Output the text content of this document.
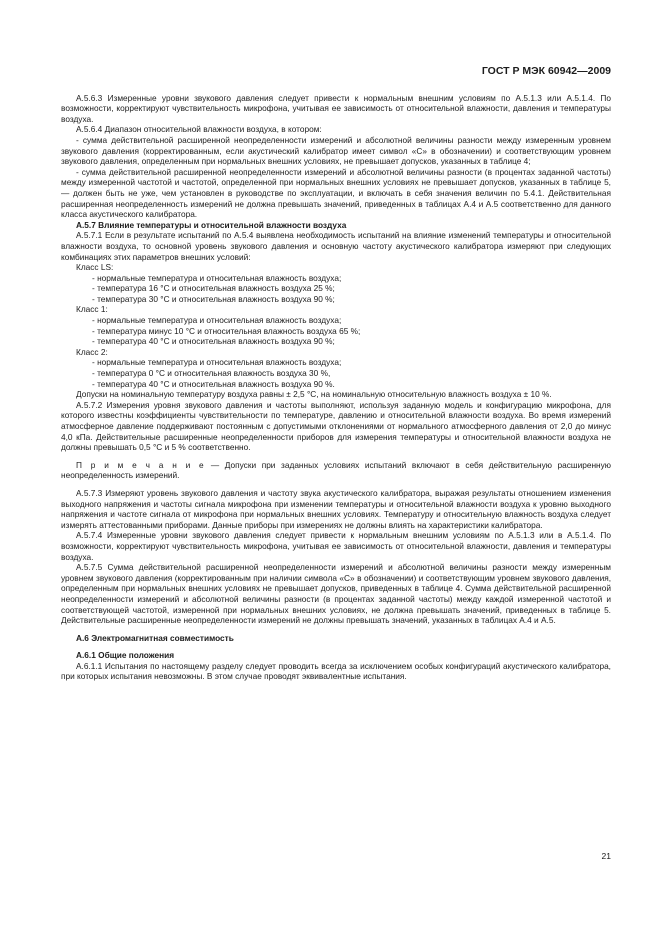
ГОСТ Р МЭК 60942—2009

А.5.6.3 Измеренные уровни звукового давления следует привести к нормальным внешним условиям по А.5.1.3 или А.5.1.4. По возможности, корректируют чувствительность микрофона, учитывая ее зависимость от относительной влажности, давления и температуры воздуха.

А.5.6.4 Диапазон относительной влажности воздуха, в котором:

- сумма действительной расширенной неопределенности измерений и абсолютной величины разности между измеренным уровнем звукового давления (корректированным, если акустический калибратор имеет символ «C» в обозначении) и соответствующим уровнем звукового давления, определенным при нормальных внешних условиях, не превышает допусков, указанных в таблице 4;

- сумма действительной расширенной неопределенности измерений и абсолютной величины разности (в процентах заданной частоты) между измеренной частотой и частотой, определенной при нормальных внешних условиях не превышает допусков, указанных в таблице 5, — должен быть не уже, чем установлен в руководстве по эксплуатации, и включать в себя значения величин по 5.4.1. Действительная расширенная неопределенность измерений не должна превышать значений, приведенных в таблицах А.4 и А.5 соответственно для данного класса акустического калибратора.

А.5.7 Влияние температуры и относительной влажности воздуха

А.5.7.1 Если в результате испытаний по А.5.4 выявлена необходимость испытаний на влияние изменений температуры и относительной влажности воздуха, то основной уровень звукового давления и основную частоту акустического калибратора измеряют при следующих комбинациях этих параметров внешних условий:

Класс LS:

- нормальные температура и относительная влажность воздуха;

- температура 16 °C и относительная влажность воздуха 25 %;

- температура 30 °C и относительная влажность воздуха 90 %;

Класс 1:

- нормальные температура и относительная влажность воздуха;

- температура минус 10 °C и относительная влажность воздуха 65 %;

- температура 40 °C и относительная влажность воздуха 90 %;

Класс 2:

- нормальные температура и относительная влажность воздуха;

- температура 0 °C и относительная влажность воздуха 30 %,

- температура 40 °C и относительная влажность воздуха 90 %.

Допуски на номинальную температуру воздуха равны ± 2,5 °C, на номинальную относительную влажность воздуха ± 10 %.

А.5.7.2 Измерения уровня звукового давления и частоты выполняют, используя заданную модель и конфигурацию микрофона, для которого известны коэффициенты чувствительности по температуре, давлению и относительной влажности воздуха. Во время измерений атмосферное давление поддерживают постоянным с допустимыми отклонениями от нормального атмосферного давления от 2,0 до минус 4,0 кПа. Действительные расширенные неопределенности приборов для измерения температуры и относительной влажности воздуха не должны превышать 0,5 °C и 5 % соответственно.

П р и м е ч а н и е — Допуски при заданных условиях испытаний включают в себя действительную расширенную неопределенность измерений.

А.5.7.3 Измеряют уровень звукового давления и частоту звука акустического калибратора, выражая результаты отношением изменения выходного напряжения и частоты сигнала микрофона при изменении температуры и относительной влажности воздуха к уровню выходного напряжения и частоте сигнала от микрофона при нормальных внешних условиях. Температуру и относительную влажность воздуха следует измерять аттестованными приборами. Данные приборы при измерениях не должны влиять на характеристики калибратора.

А.5.7.4 Измеренные уровни звукового давления следует привести к нормальным внешним условиям по А.5.1.3 или в А.5.1.4. По возможности, корректируют чувствительность микрофона, учитывая ее зависимость от относительной влажности, давления и температуры воздуха.

А.5.7.5 Сумма действительной расширенной неопределенности измерений и абсолютной величины разности между измеренным уровнем звукового давления (корректированным при наличии символа «C» в обозначении) и соответствующим уровнем звукового давления, определенным при нормальных внешних условиях не превышает допусков, приведенных в таблице 4. Сумма действительной расширенной неопределенности измерений и абсолютной величины разности (в процентах заданной частоты) между каждой измеренной частотой и соответствующей частотой, измеренной при нормальных внешних условиях, не должна превышать значений, приведенных в таблице 5. Действительные расширенные неопределенности измерений не должны превышать значений, указанных в таблицах А.4 и А.5.

А.6 Электромагнитная совместимость

А.6.1 Общие положения

А.6.1.1 Испытания по настоящему разделу следует проводить всегда за исключением особых конфигураций акустического калибратора, при которых испытания невозможны. В этом случае проводят эквивалентные испытания.

21
